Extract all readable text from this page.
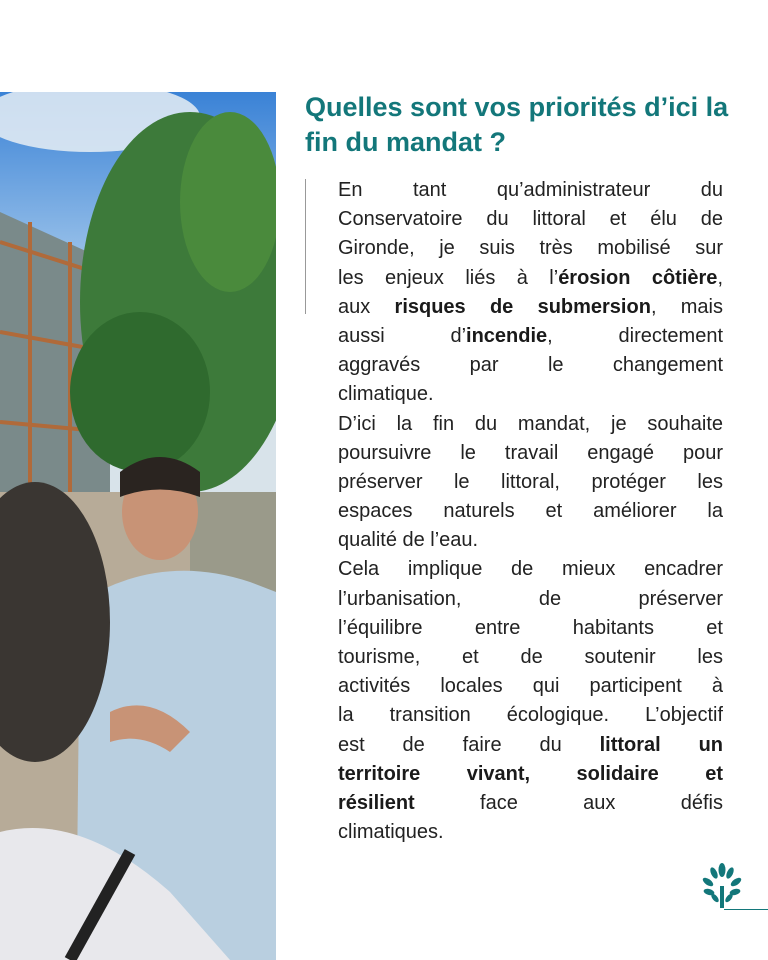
Quelles sont vos priorités d’ici la fin du mandat ?
En tant qu’administrateur du
Conservatoire du littoral et élu de
Gironde, je suis très mobilisé sur
les enjeux liés à l’érosion côtière,
aux risques de submersion, mais
aussi d’incendie, directement
aggravés par le changement
climatique.
D’ici la fin du mandat, je souhaite
poursuivre le travail engagé pour
préserver le littoral, protéger les
espaces naturels et améliorer la
qualité de l’eau.
Cela implique de mieux encadrer
l’urbanisation, de préserver
l’équilibre entre habitants et
tourisme, et de soutenir les
activités locales qui participent à
la transition écologique. L’objectif
est de faire du littoral un
territoire vivant, solidaire et
résilient face aux défis
climatiques.
